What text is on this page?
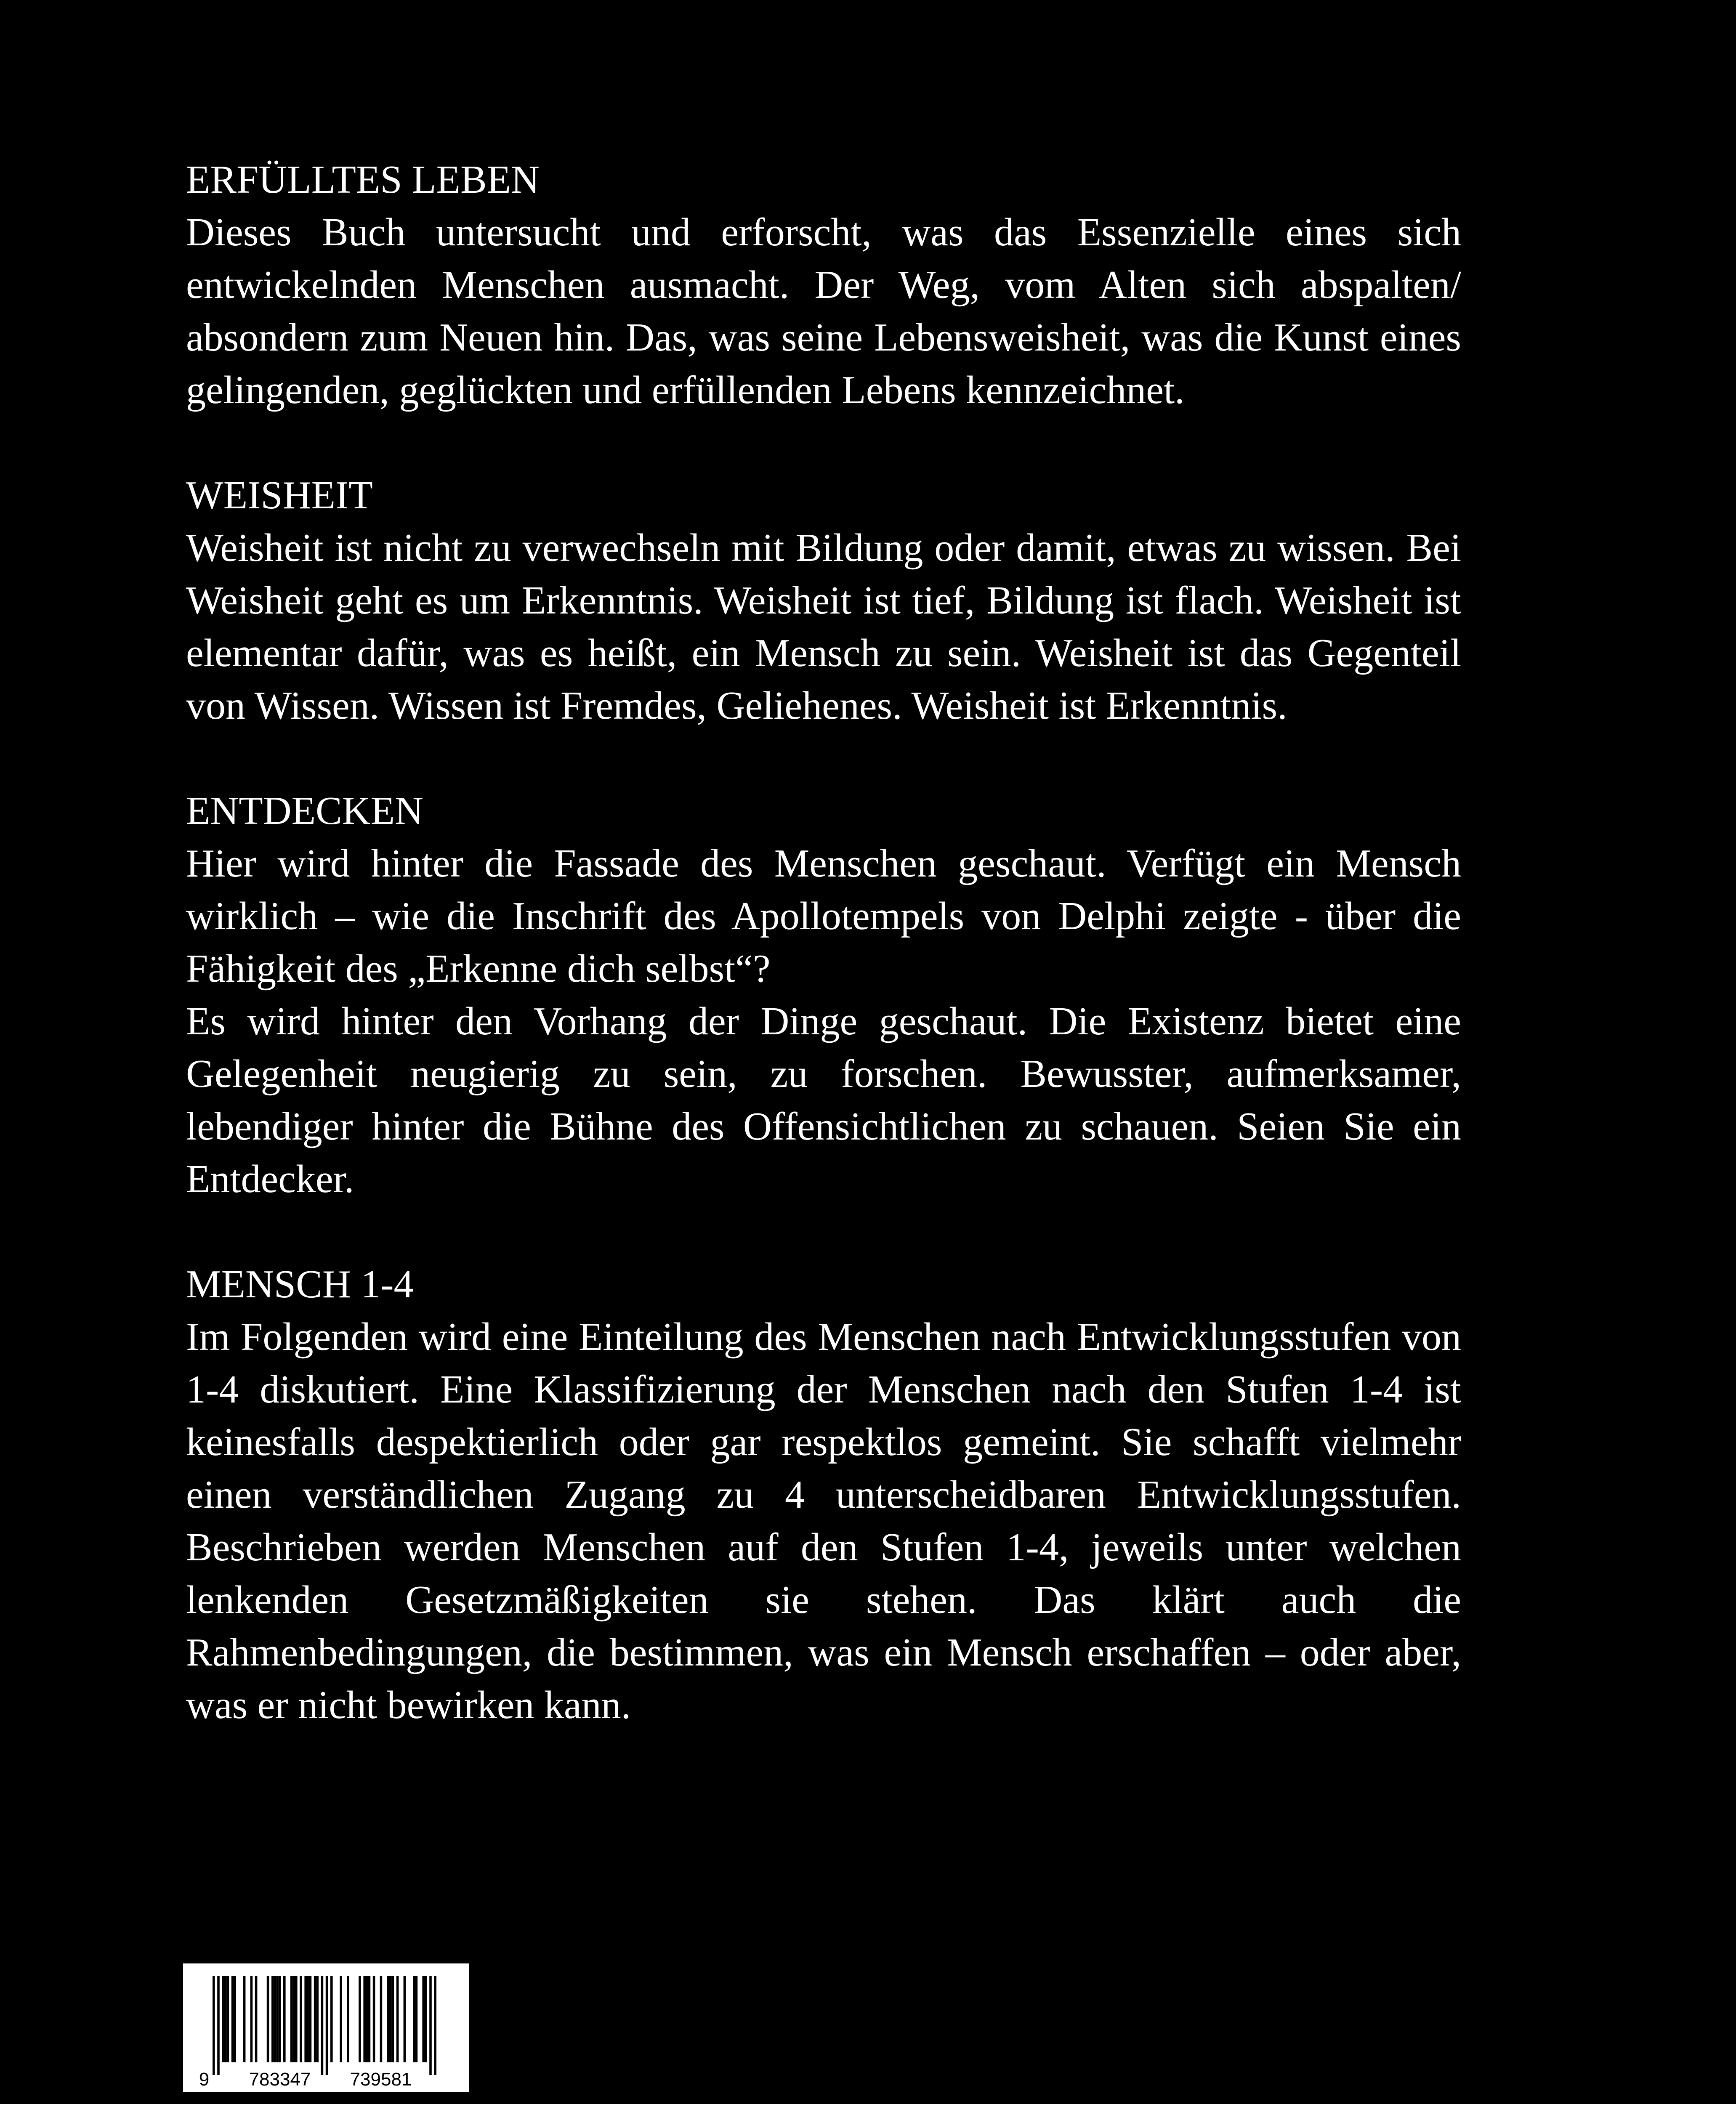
ERFÜLLTES LEBEN
Dieses Buch untersucht und erforscht, was das Essenzielle eines sich entwickelnden Menschen ausmacht. Der Weg, vom Alten sich abspalten/ absondern zum Neuen hin. Das, was seine Lebensweisheit, was die Kunst eines gelingenden, geglückten und erfüllenden Lebens kennzeichnet.
WEISHEIT
Weisheit ist nicht zu verwechseln mit Bildung oder damit, etwas zu wissen. Bei Weisheit geht es um Erkenntnis. Weisheit ist tief, Bildung ist flach. Weisheit ist elementar dafür, was es heißt, ein Mensch zu sein. Weisheit ist das Gegenteil von Wissen. Wissen ist Fremdes, Geliehenes. Weisheit ist Erkenntnis.
ENTDECKEN
Hier wird hinter die Fassade des Menschen geschaut. Verfügt ein Mensch wirklich – wie die Inschrift des Apollotempels von Delphi zeigte - über die Fähigkeit des „Erkenne dich selbst“?
Es wird hinter den Vorhang der Dinge geschaut. Die Existenz bietet eine Gelegenheit neugierig zu sein, zu forschen. Bewusster, aufmerksamer, lebendiger hinter die Bühne des Offensichtlichen zu schauen. Seien Sie ein Entdecker.
MENSCH 1-4
Im Folgenden wird eine Einteilung des Menschen nach Entwicklungsstufen von 1-4 diskutiert. Eine Klassifizierung der Menschen nach den Stufen 1-4 ist keinesfalls despektierlich oder gar respektlos gemeint. Sie schafft vielmehr einen verständlichen Zugang zu 4 unterscheidbaren Entwicklungsstufen. Beschrieben werden Menschen auf den Stufen 1-4, jeweils unter welchen lenkenden Gesetzmäßigkeiten sie stehen. Das klärt auch die Rahmenbedingungen, die bestimmen, was ein Mensch erschaffen – oder aber, was er nicht bewirken kann.
9 783347 739581
